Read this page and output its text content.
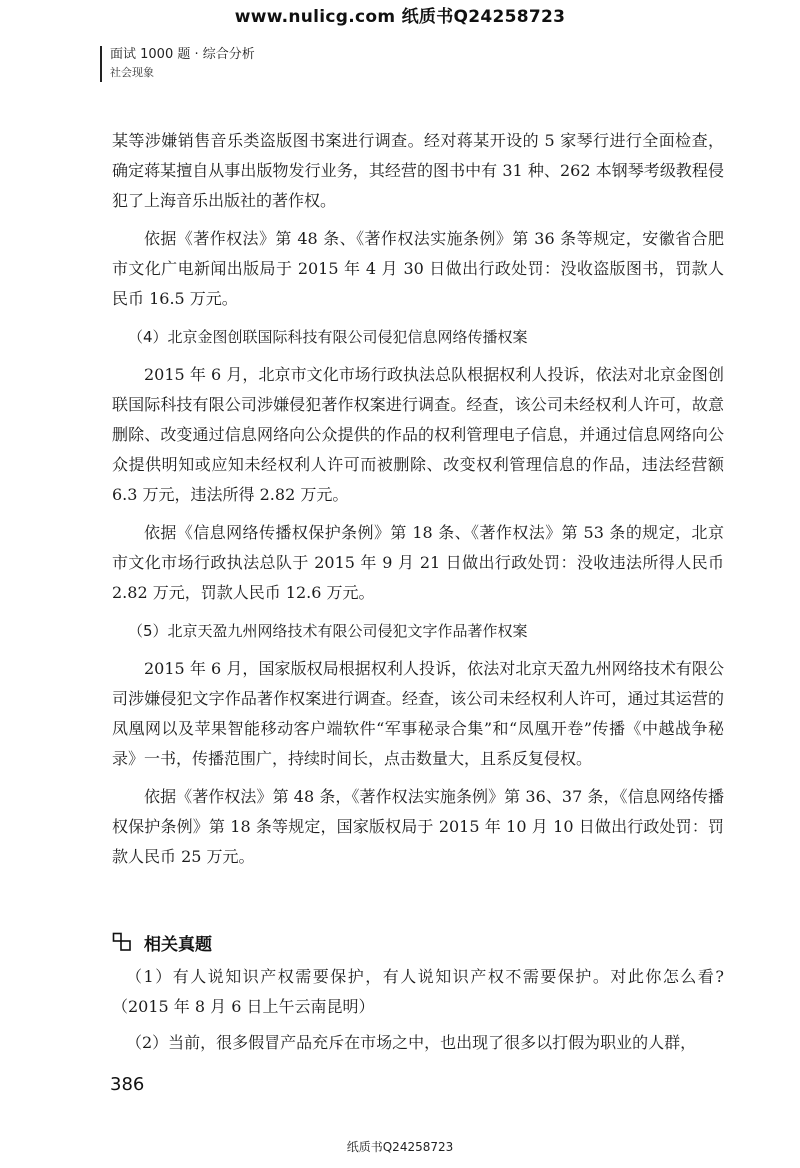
www.nulicg.com 纸质书Q24258723
面试 1000 题 · 综合分析
社会现象

某等涉嫌销售音乐类盗版图书案进行调查。经对蒋某开设的 5 家琴行进行全面检查，确定蒋某擅自从事出版物发行业务，其经营的图书中有 31 种、262 本钢琴考级教程侵犯了上海音乐出版社的著作权。

依据《著作权法》第 48 条、《著作权法实施条例》第 36 条等规定，安徽省合肥市文化广电新闻出版局于 2015 年 4 月 30 日做出行政处罚：没收盗版图书，罚款人民币 16.5 万元。

（4）北京金图创联国际科技有限公司侵犯信息网络传播权案

2015 年 6 月，北京市文化市场行政执法总队根据权利人投诉，依法对北京金图创联国际科技有限公司涉嫌侵犯著作权案进行调查。经查，该公司未经权利人许可，故意删除、改变通过信息网络向公众提供的作品的权利管理电子信息，并通过信息网络向公众提供明知或应知未经权利人许可而被删除、改变权利管理信息的作品，违法经营额 6.3 万元，违法所得 2.82 万元。

依据《信息网络传播权保护条例》第 18 条、《著作权法》第 53 条的规定，北京市文化市场行政执法总队于 2015 年 9 月 21 日做出行政处罚：没收违法所得人民币 2.82 万元，罚款人民币 12.6 万元。

（5）北京天盈九州网络技术有限公司侵犯文字作品著作权案

2015 年 6 月，国家版权局根据权利人投诉，依法对北京天盈九州网络技术有限公司涉嫌侵犯文字作品著作权案进行调查。经查，该公司未经权利人许可，通过其运营的凤凰网以及苹果智能移动客户端软件“军事秘录合集”和“凤凰开卷”传播《中越战争秘录》一书，传播范围广，持续时间长，点击数量大，且系反复侵权。

依据《著作权法》第 48 条，《著作权法实施条例》第 36、37 条，《信息网络传播权保护条例》第 18 条等规定，国家版权局于 2015 年 10 月 10 日做出行政处罚：罚款人民币 25 万元。

相关真题

（1）有人说知识产权需要保护，有人说知识产权不需要保护。对此你怎么看?（2015 年 8 月 6 日上午云南昆明）

（2）当前，很多假冒产品充斥在市场之中，也出现了很多以打假为职业的人群，

386
纸质书Q24258723
